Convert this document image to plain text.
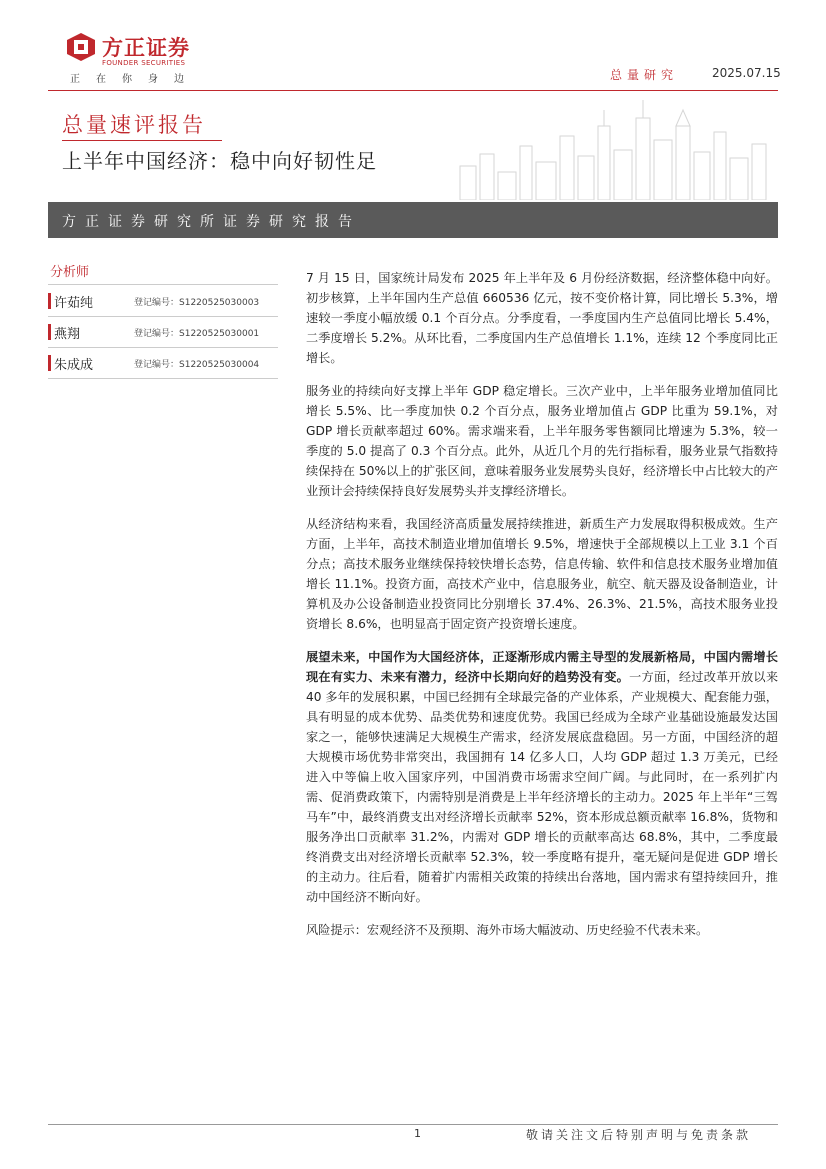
方正证券
FOUNDER SECURITIES
正在你身边	总量研究	2025.07.15
总量速评报告
上半年中国经济：稳中向好韧性足
方正证券研究所证券研究报告
分析师
许茹纯	登记编号：S1220525030003
燕翔	登记编号：S1220525030001
朱成成	登记编号：S1220525030004

7 月 15 日，国家统计局发布 2025 年上半年及 6 月份经济数据，经济整体稳中向好。初步核算，上半年国内生产总值 660536 亿元，按不变价格计算，同比增长 5.3%，增速较一季度小幅放缓 0.1 个百分点。分季度看，一季度国内生产总值同比增长 5.4%，二季度增长 5.2%。从环比看，二季度国内生产总值增长 1.1%，连续 12 个季度同比正增长。

服务业的持续向好支撑上半年 GDP 稳定增长。三次产业中，上半年服务业增加值同比增长 5.5%、比一季度加快 0.2 个百分点，服务业增加值占 GDP 比重为 59.1%，对 GDP 增长贡献率超过 60%。需求端来看，上半年服务零售额同比增速为 5.3%，较一季度的 5.0 提高了 0.3 个百分点。此外，从近几个月的先行指标看，服务业景气指数持续保持在 50%以上的扩张区间，意味着服务业发展势头良好，经济增长中占比较大的产业预计会持续保持良好发展势头并支撑经济增长。

从经济结构来看，我国经济高质量发展持续推进，新质生产力发展取得积极成效。生产方面，上半年，高技术制造业增加值增长 9.5%，增速快于全部规模以上工业 3.1 个百分点；高技术服务业继续保持较快增长态势，信息传输、软件和信息技术服务业增加值增长 11.1%。投资方面，高技术产业中，信息服务业，航空、航天器及设备制造业，计算机及办公设备制造业投资同比分别增长 37.4%、26.3%、21.5%，高技术服务业投资增长 8.6%，也明显高于固定资产投资增长速度。

展望未来，中国作为大国经济体，正逐渐形成内需主导型的发展新格局，中国内需增长现在有实力、未来有潜力，经济中长期向好的趋势没有变。一方面，经过改革开放以来 40 多年的发展积累，中国已经拥有全球最完备的产业体系，产业规模大、配套能力强，具有明显的成本优势、品类优势和速度优势。我国已经成为全球产业基础设施最发达国家之一，能够快速满足大规模生产需求，经济发展底盘稳固。另一方面，中国经济的超大规模市场优势非常突出，我国拥有 14 亿多人口，人均 GDP 超过 1.3 万美元，已经进入中等偏上收入国家序列，中国消费市场需求空间广阔。与此同时，在一系列扩内需、促消费政策下，内需特别是消费是上半年经济增长的主动力。2025 年上半年“三驾马车”中，最终消费支出对经济增长贡献率 52%，资本形成总额贡献率 16.8%，货物和服务净出口贡献率 31.2%，内需对 GDP 增长的贡献率高达 68.8%，其中，二季度最终消费支出对经济增长贡献率 52.3%，较一季度略有提升，毫无疑问是促进 GDP 增长的主动力。往后看，随着扩内需相关政策的持续出台落地，国内需求有望持续回升，推动中国经济不断向好。

风险提示：宏观经济不及预期、海外市场大幅波动、历史经验不代表未来。

1	敬请关注文后特别声明与免责条款
